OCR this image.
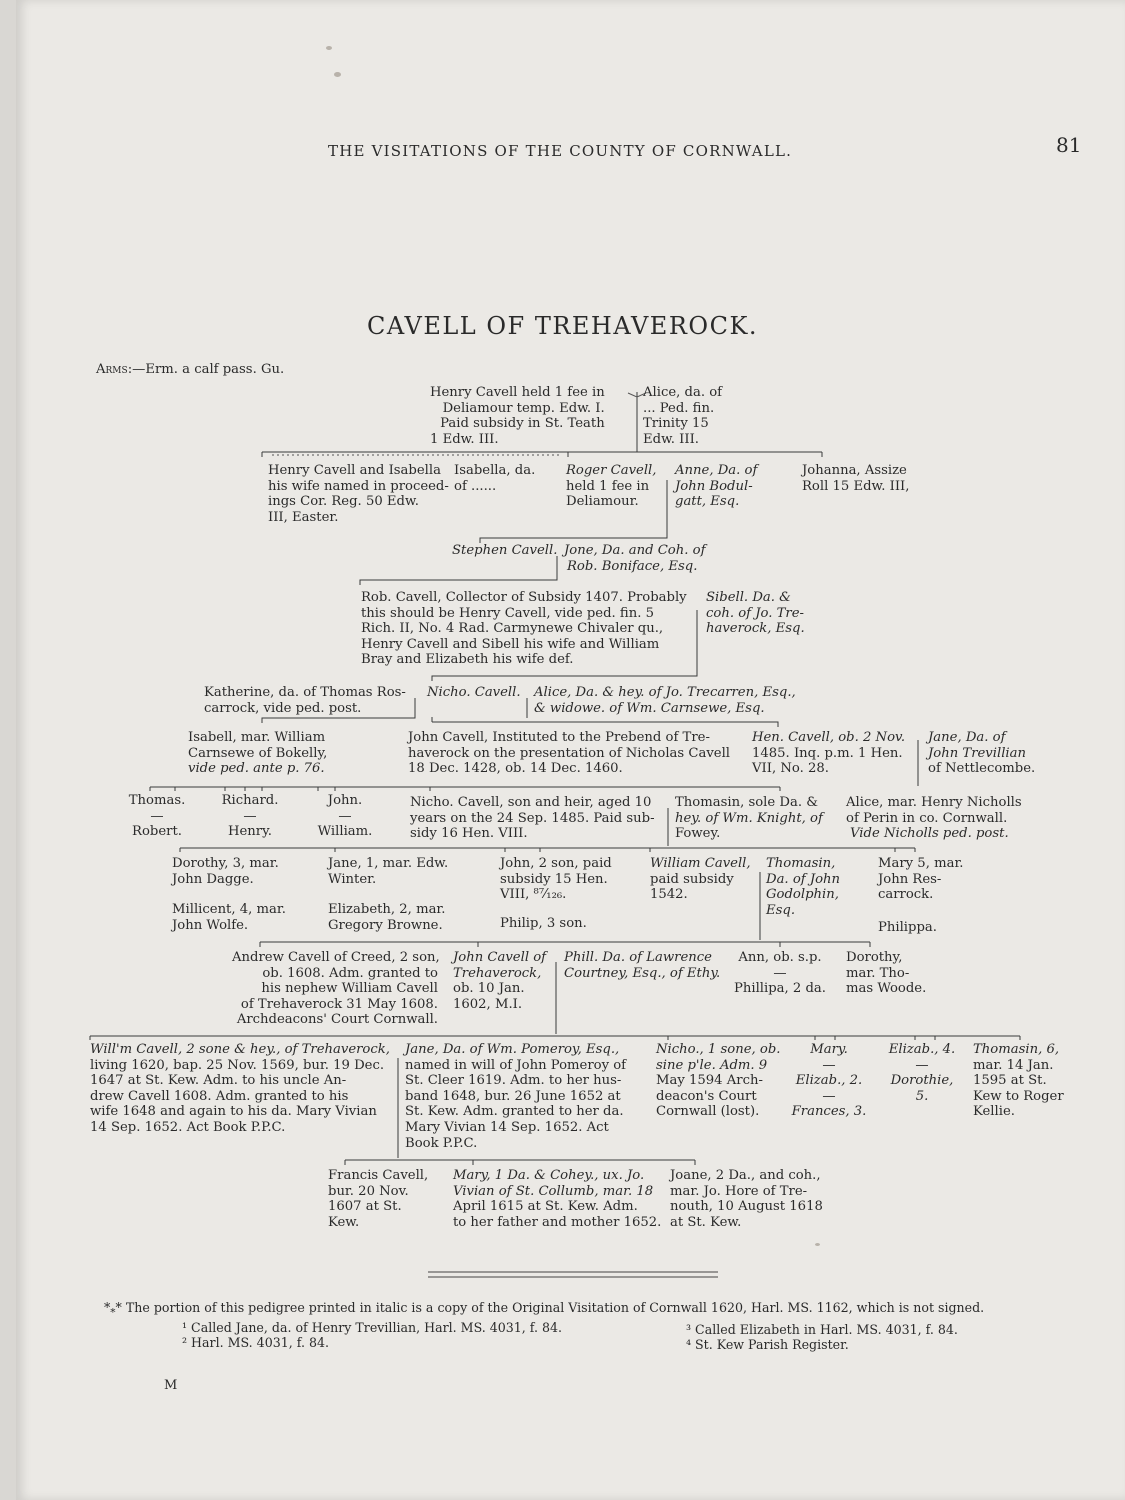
THE VISITATIONS OF THE COUNTY OF CORNWALL.	81
CAVELL OF TREHAVEROCK.
Arms:—Erm. a calf pass. Gu.
Henry Cavell held 1 fee in
Deliamour temp. Edw. I.
Paid subsidy in St. Teath
1 Edw. III.
Alice, da. of
... Ped. fin.
Trinity 15
Edw. III.
Henry Cavell and Isabella
his wife named in proceed-
ings Cor. Reg. 50 Edw.
III, Easter.
Isabella, da.
of ......
Roger Cavell,
held 1 fee in
Deliamour.
Anne, Da. of
John Bodul-
gatt, Esq.
Johanna, Assize
Roll 15 Edw. III,
Stephen Cavell. Jone, Da. and Coh. of
Rob. Boniface, Esq.
Rob. Cavell, Collector of Subsidy 1407. Probably
this should be Henry Cavell, vide ped. fin. 5
Rich. II, No. 4 Rad. Carmynewe Chivaler qu.,
Henry Cavell and Sibell his wife and William
Bray and Elizabeth his wife def.
Sibell. Da. &
coh. of Jo. Tre-
haverock, Esq.
Katherine, da. of Thomas Ros-
carrock, vide ped. post.
Nicho. Cavell. Alice, Da. & hey. of Jo. Trecarren, Esq.,
& widowe. of Wm. Carnsewe, Esq.
Isabell, mar. William
Carnsewe of Bokelly,
vide ped. ante p. 76.
John Cavell, Instituted to the Prebend of Tre-
haverock on the presentation of Nicholas Cavell
18 Dec. 1428, ob. 14 Dec. 1460.
Hen. Cavell, ob. 2 Nov.
1485. Inq. p.m. 1 Hen.
VII, No. 28.
Jane, Da. of
John Trevillian
of Nettlecombe.
Thomas.
—
Robert.
Richard.
—
Henry.
John.
—
William.
Nicho. Cavell, son and heir, aged 10
years on the 24 Sep. 1485. Paid sub-
sidy 16 Hen. VIII.
Thomasin, sole Da. &
hey. of Wm. Knight, of
Fowey.
Alice, mar. Henry Nicholls
of Perin in co. Cornwall.
Vide Nicholls ped. post.
Dorothy, 3, mar.
John Dagge.
Millicent, 4, mar.
John Wolfe.
Jane, 1, mar. Edw.
Winter.
Elizabeth, 2, mar.
Gregory Browne.
John, 2 son, paid
subsidy 15 Hen.
VIII, ⁸⁷⁄₁₂₆.
Philip, 3 son.
William Cavell,
paid subsidy
1542.
Thomasin,
Da. of John
Godolphin,
Esq.
Mary 5, mar.
John Res-
carrock.
Philippa.
Andrew Cavell of Creed, 2 son,
ob. 1608. Adm. granted to
his nephew William Cavell
of Trehaverock 31 May 1608.
Archdeacons' Court Cornwall.
John Cavell of
Trehaverock,
ob. 10 Jan.
1602, M.I.
Phill. Da. of Lawrence
Courtney, Esq., of Ethy.
Ann, ob. s.p.
—
Phillipa, 2 da.
Dorothy,
mar. Tho-
mas Woode.
Will'm Cavell, 2 sone & hey., of Trehaverock,
living 1620, bap. 25 Nov. 1569, bur. 19 Dec.
1647 at St. Kew. Adm. to his uncle An-
drew Cavell 1608. Adm. granted to his
wife 1648 and again to his da. Mary Vivian
14 Sep. 1652. Act Book P.P.C.
Jane, Da. of Wm. Pomeroy, Esq.,
named in will of John Pomeroy of
St. Cleer 1619. Adm. to her hus-
band 1648, bur. 26 June 1652 at
St. Kew. Adm. granted to her da.
Mary Vivian 14 Sep. 1652. Act
Book P.P.C.
Nicho., 1 sone, ob.
sine p'le. Adm. 9
May 1594 Arch-
deacon's Court
Cornwall (lost).
Mary.
—
Elizab., 2.
—
Frances, 3.
Elizab., 4.
—
Dorothie,
5.
Thomasin, 6,
mar. 14 Jan.
1595 at St.
Kew to Roger
Kellie.
Francis Cavell,
bur. 20 Nov.
1607 at St.
Kew.
Mary, 1 Da. & Cohey., ux. Jo.
Vivian of St. Collumb, mar. 18
April 1615 at St. Kew. Adm.
to her father and mother 1652.
Joane, 2 Da., and coh.,
mar. Jo. Hore of Tre-
nouth, 10 August 1618
at St. Kew.
$*_**$ The portion of this pedigree printed in italic is a copy of the Original Visitation of Cornwall 1620, Harl. MS. 1162, which is not signed.
¹ Called Jane, da. of Henry Trevillian, Harl. MS. 4031, f. 84.
² Harl. MS. 4031, f. 84.
³ Called Elizabeth in Harl. MS. 4031, f. 84.
⁴ St. Kew Parish Register.
M
